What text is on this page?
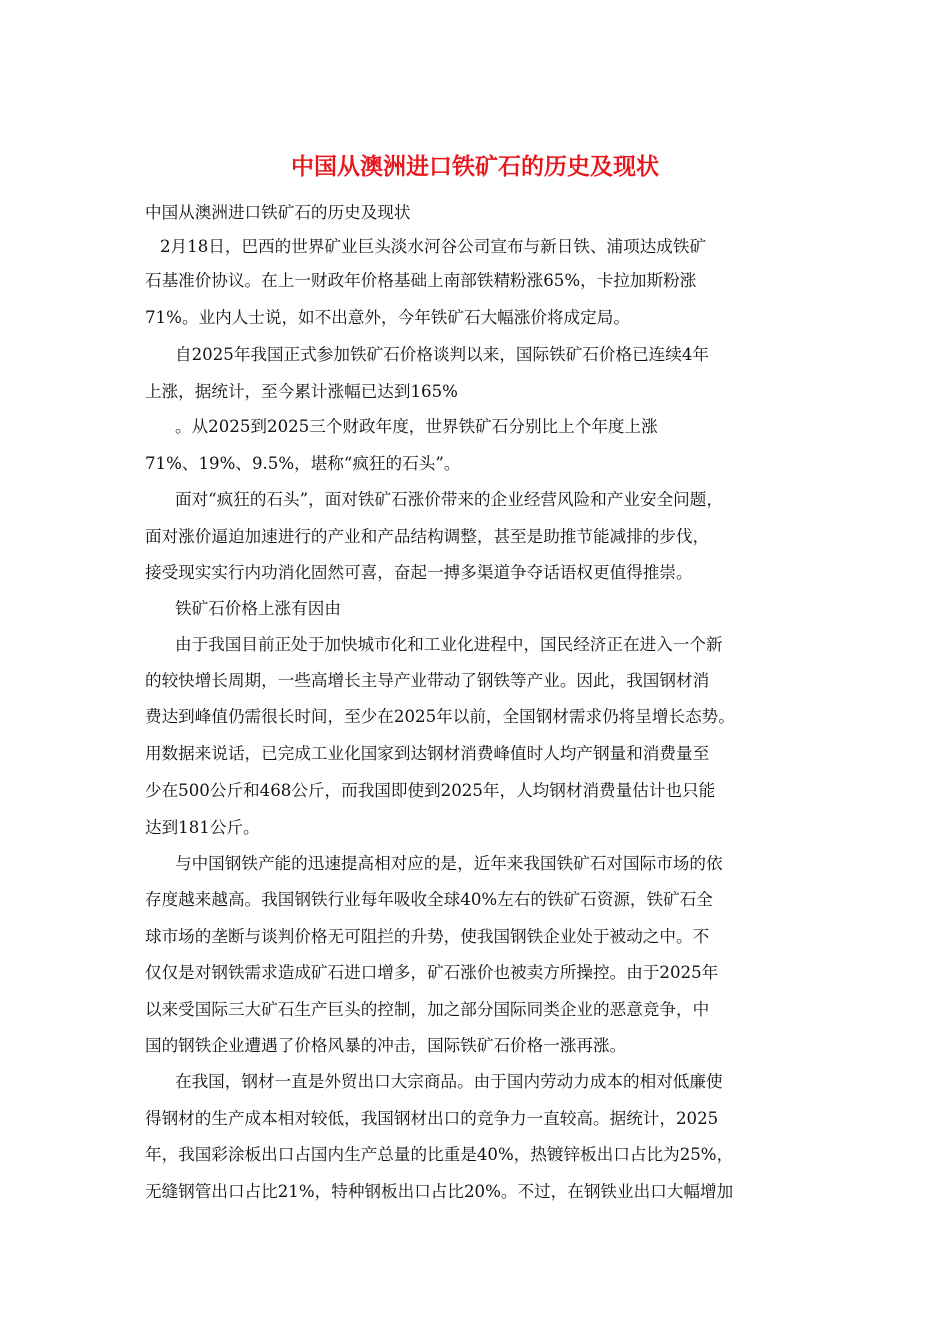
中国从澳洲进口铁矿石的历史及现状
中国从澳洲进口铁矿石的历史及现状
2月18日，巴西的世界矿业巨头淡水河谷公司宣布与新日铁、浦项达成铁矿
石基准价协议。在上一财政年价格基础上南部铁精粉涨65%，卡拉加斯粉涨
71%。业内人士说，如不出意外，今年铁矿石大幅涨价将成定局。
自2025年我国正式参加铁矿石价格谈判以来，国际铁矿石价格已连续4年
上涨，据统计，至今累计涨幅已达到165%
。从2025到2025三个财政年度，世界铁矿石分别比上个年度上涨
71%、19%、9.5%，堪称“疯狂的石头”。
面对“疯狂的石头”，面对铁矿石涨价带来的企业经营风险和产业安全问题，
面对涨价逼迫加速进行的产业和产品结构调整，甚至是助推节能减排的步伐，
接受现实实行内功消化固然可喜，奋起一搏多渠道争夺话语权更值得推崇。
铁矿石价格上涨有因由
由于我国目前正处于加快城市化和工业化进程中，国民经济正在进入一个新
的较快增长周期，一些高增长主导产业带动了钢铁等产业。因此，我国钢材消
费达到峰值仍需很长时间，至少在2025年以前，全国钢材需求仍将呈增长态势。
用数据来说话，已完成工业化国家到达钢材消费峰值时人均产钢量和消费量至
少在500公斤和468公斤，而我国即使到2025年，人均钢材消费量估计也只能
达到181公斤。
与中国钢铁产能的迅速提高相对应的是，近年来我国铁矿石对国际市场的依
存度越来越高。我国钢铁行业每年吸收全球40%左右的铁矿石资源，铁矿石全
球市场的垄断与谈判价格无可阻拦的升势，使我国钢铁企业处于被动之中。不
仅仅是对钢铁需求造成矿石进口增多，矿石涨价也被卖方所操控。由于2025年
以来受国际三大矿石生产巨头的控制，加之部分国际同类企业的恶意竞争，中
国的钢铁企业遭遇了价格风暴的冲击，国际铁矿石价格一涨再涨。
在我国，钢材一直是外贸出口大宗商品。由于国内劳动力成本的相对低廉使
得钢材的生产成本相对较低，我国钢材出口的竞争力一直较高。据统计，2025
年，我国彩涂板出口占国内生产总量的比重是40%，热镀锌板出口占比为25%，
无缝钢管出口占比21%，特种钢板出口占比20%。不过，在钢铁业出口大幅增加
